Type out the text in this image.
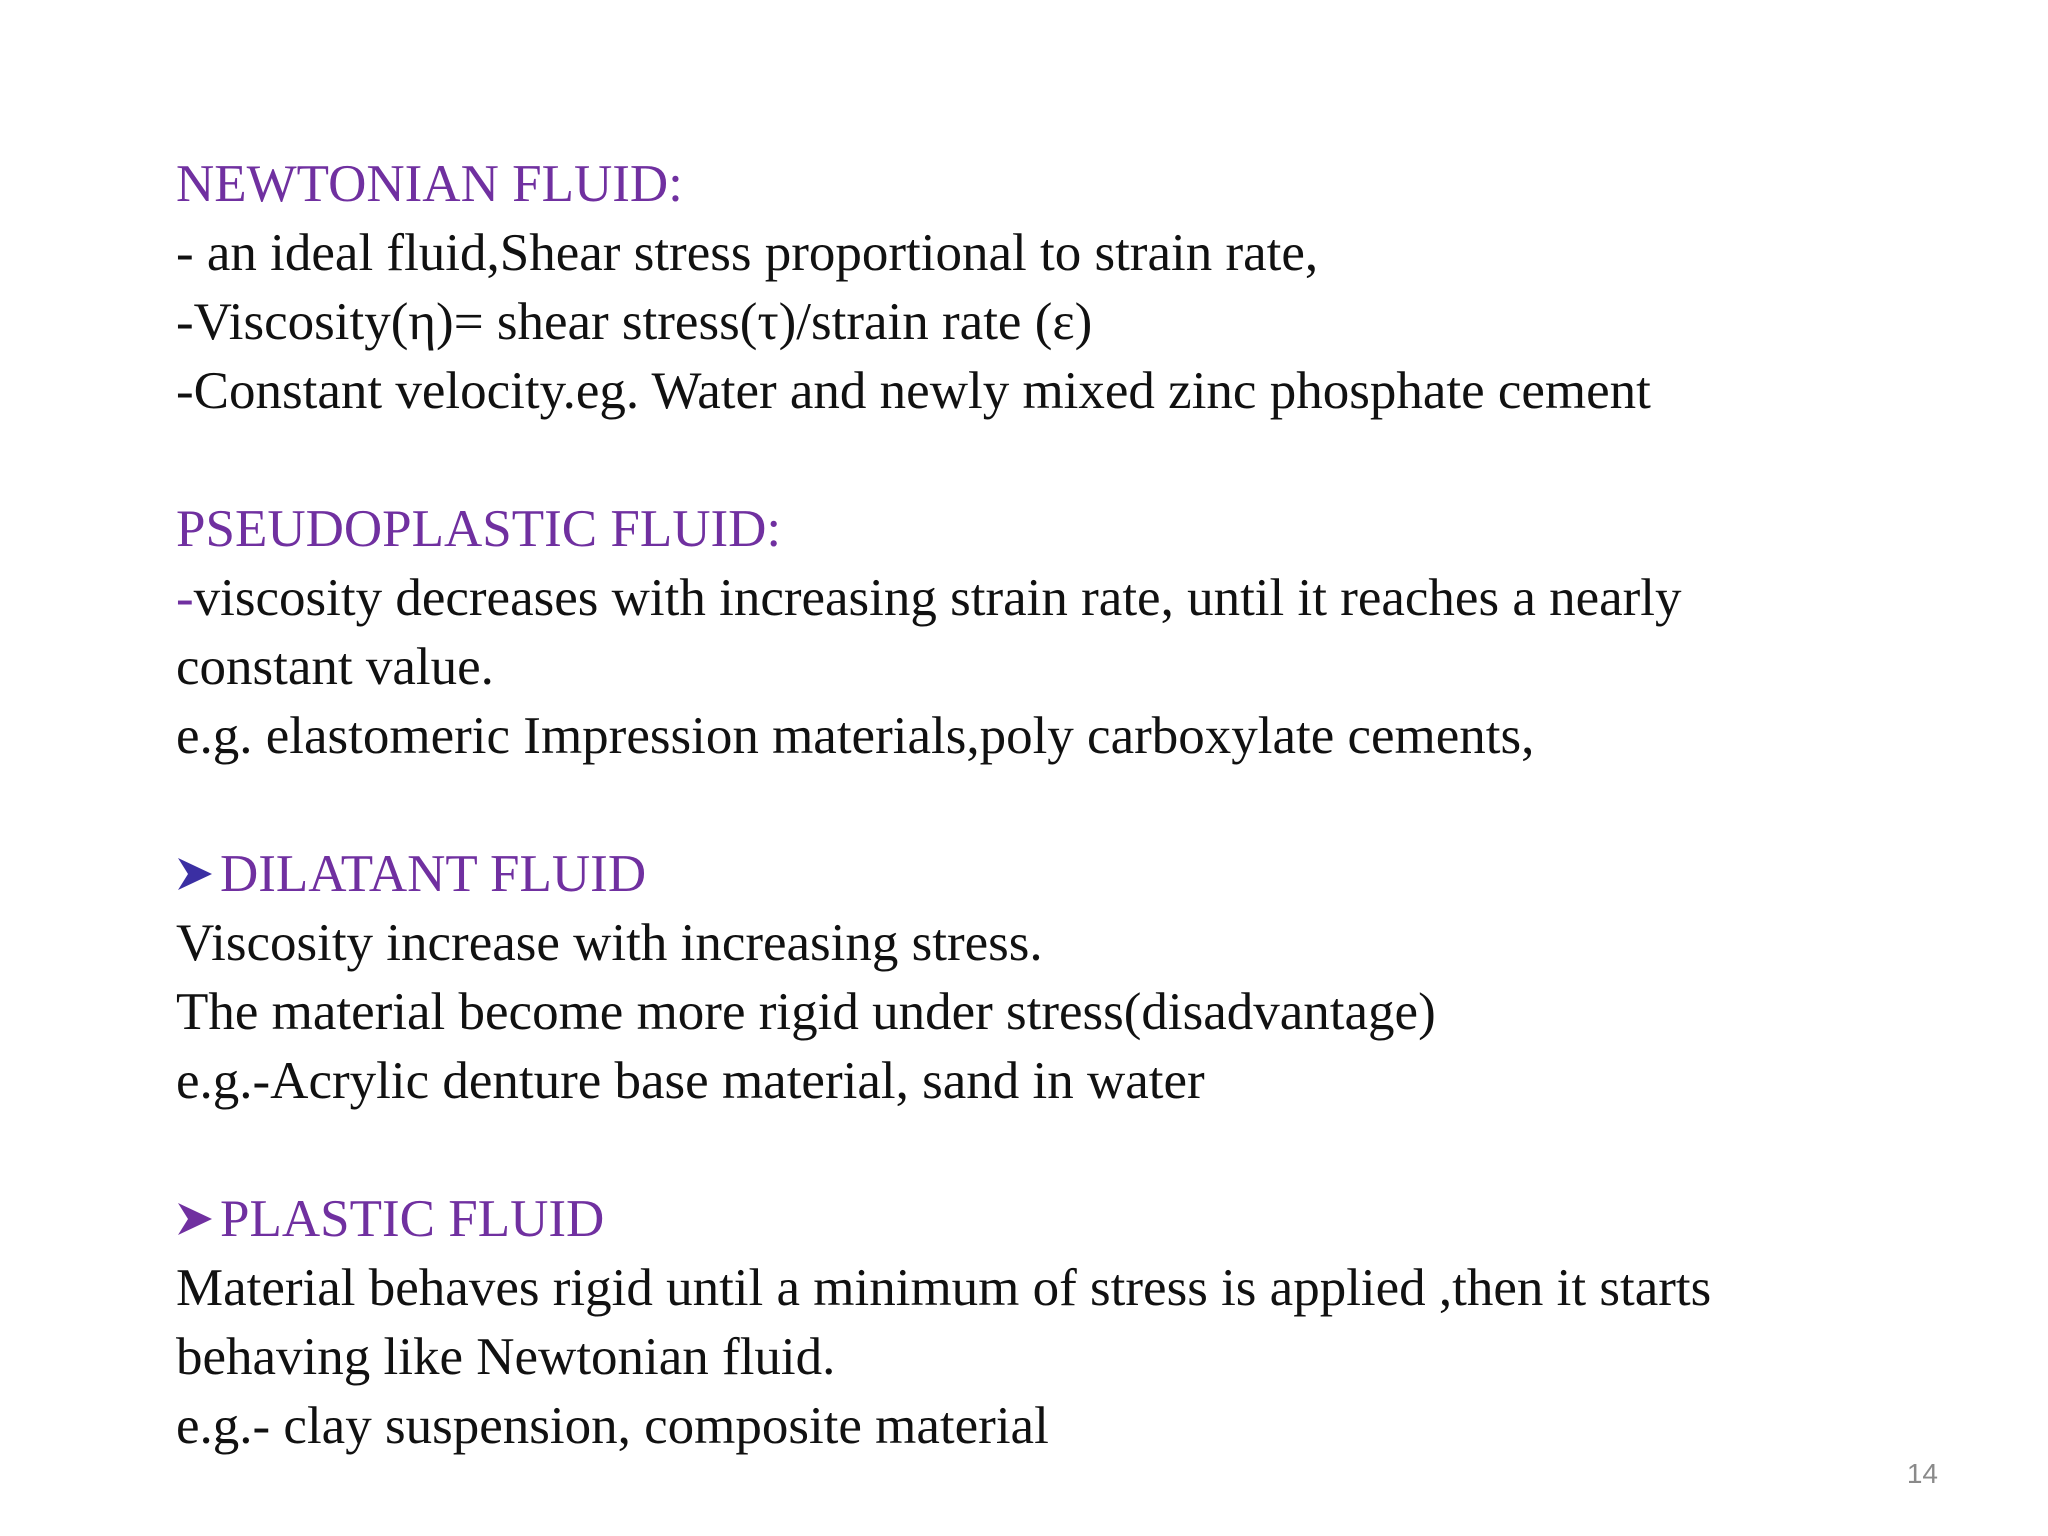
NEWTONIAN FLUID:
- an ideal fluid,Shear stress proportional to strain rate,
-Viscosity(η)= shear stress(τ)/strain rate (ε)
-Constant velocity.eg. Water and newly mixed zinc phosphate cement
PSEUDOPLASTIC FLUID:
-viscosity decreases with increasing strain rate, until it reaches a nearly
constant value.
e.g. elastomeric Impression materials,poly carboxylate cements,
DILATANT FLUID
Viscosity increase with increasing stress.
The material become more rigid under stress(disadvantage)
e.g.-Acrylic denture base material, sand in water
PLASTIC FLUID
Material behaves rigid until a minimum of stress is applied ,then it starts
behaving like Newtonian fluid.
e.g.- clay suspension, composite material
14
